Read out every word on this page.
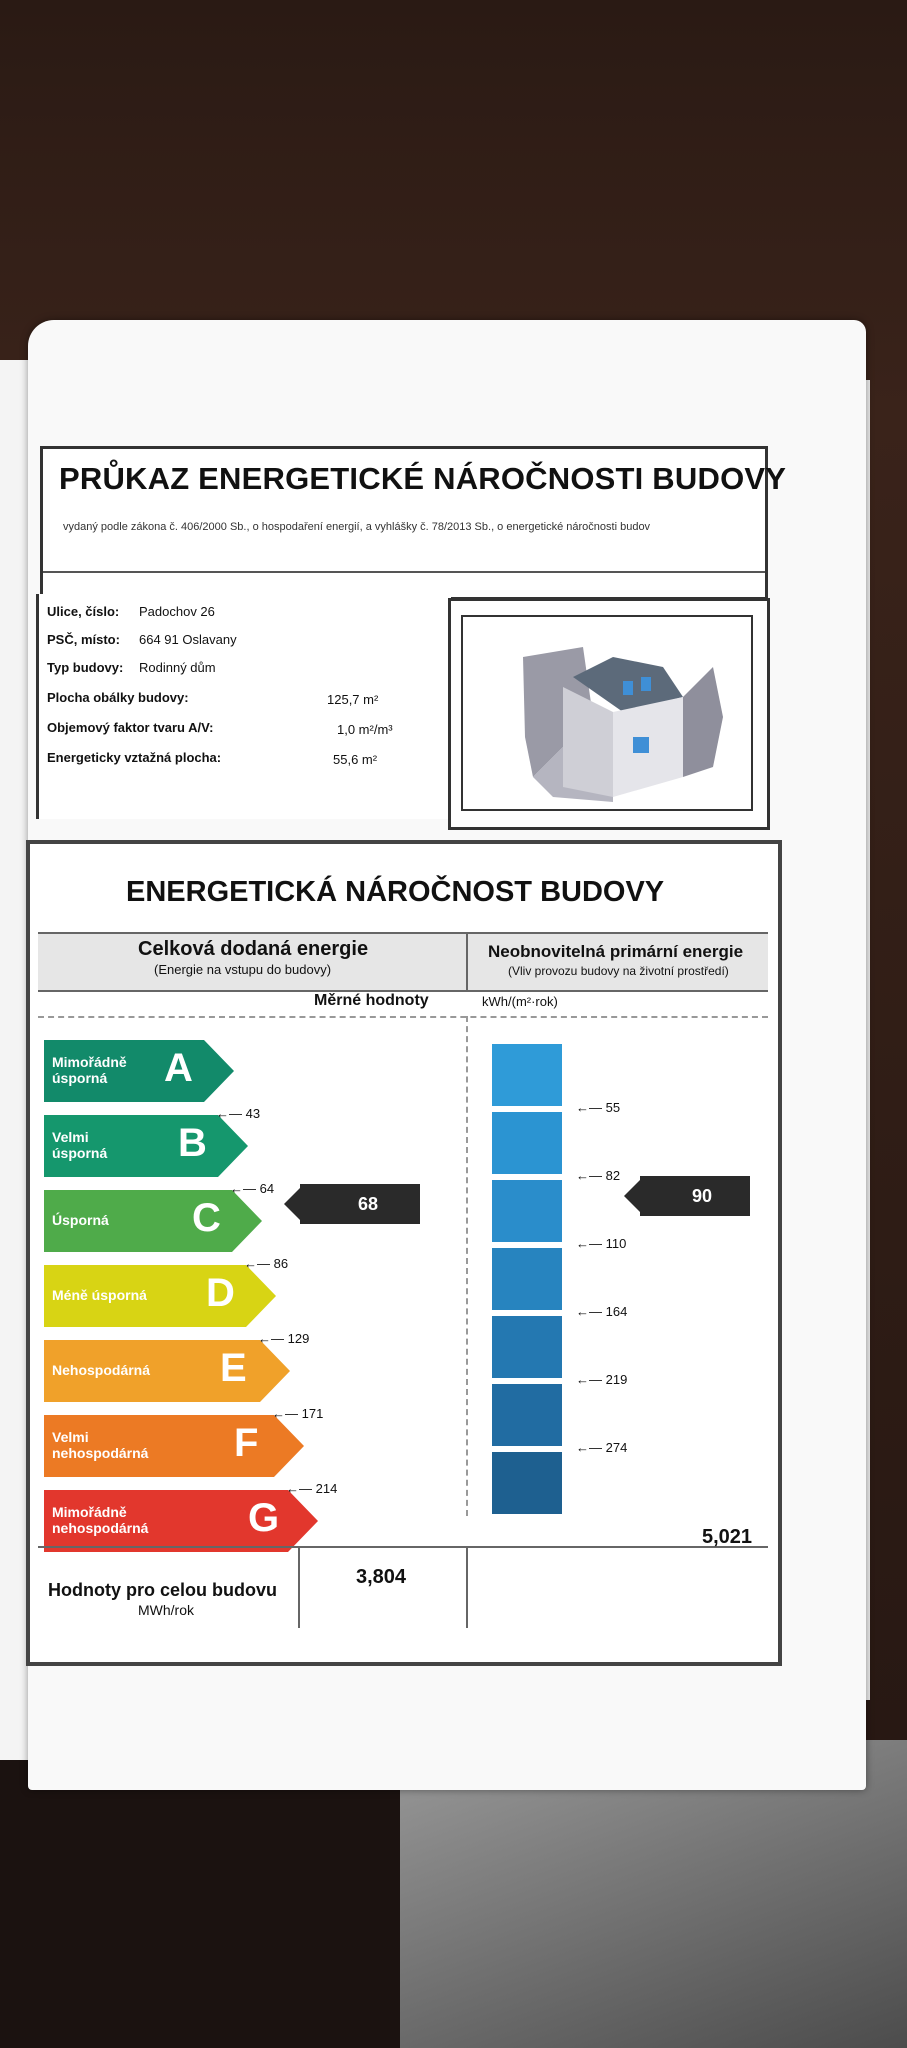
PRŮKAZ ENERGETICKÉ NÁROČNOSTI BUDOVY
vydaný podle zákona č. 406/2000 Sb., o hospodaření energií, a vyhlášky č. 78/2013 Sb., o energetické náročnosti budov
Ulice, číslo: Padochov 26
PSČ, místo: 664 91 Oslavany
Typ budovy: Rodinný dům
Plocha obálky budovy:	125,7 m²
Objemový faktor tvaru A/V:	1,0 m²/m³
Energeticky vztažná plocha:	55,6 m²
ENERGETICKÁ NÁROČNOST BUDOVY
Celková dodaná energie
(Energie na vstupu do budovy)
Neobnovitelná primární energie
(Vliv provozu budovy na životní prostředí)
Měrné hodnoty	kWh/(m²·rok)
Mimořádně
úsporná	A
Velmi
úsporná B
Úsporná C
Méně úsporná D
Nehospodárná E
Velmi
nehospodárná F
Mimořádně
nehospodárná G
←— 43
←— 64
←— 86
←— 129
←— 171
←— 214
68
←— 55
←— 82
←— 110
←— 164
←— 219
←— 274
90
Hodnoty pro celou budovu
MWh/rok
3,804
5,021
